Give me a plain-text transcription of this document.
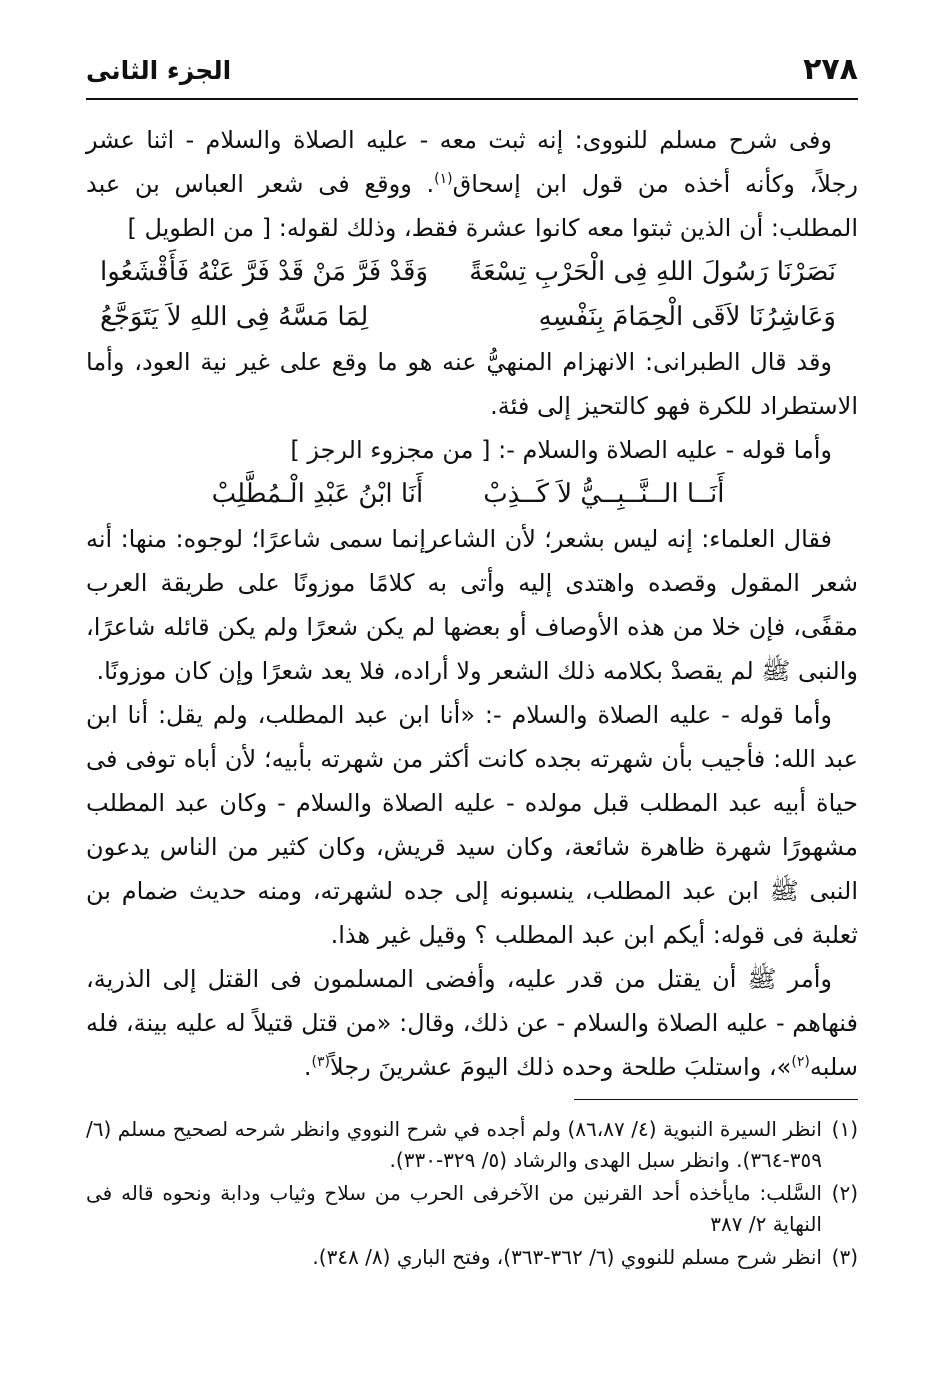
٢٧٨
الجزء الثانى

وفى شرح مسلم للنووى: إنه ثبت معه - عليه الصلاة والسلام - اثنا عشر رجلاً، وكأنه أخذه من قول ابن إسحاق$^{(١)}$. ووقع فى شعر العباس بن عبد المطلب: أن الذين ثبتوا معه كانوا عشرة فقط، وذلك لقوله: [ من الطويل ]

نَصَرْنَا رَسُولَ اللهِ فِى الْحَرْبِ تِسْعَةً
وَقَدْ فَرَّ مَنْ قَدْ فَرَّ عَنْهُ فَأَقْشَعُوا
وَعَاشِرُنَا لاَقَى الْحِمَامَ بِنَفْسِهِ
لِمَا مَسَّهُ فِى اللهِ لاَ يَتَوَجَّعُ

وقد قال الطبرانى: الانهزام المنهيُّ عنه هو ما وقع على غير نية العود، وأما الاستطراد للكرة فهو كالتحيز إلى فئة.

وأما قوله - عليه الصلاة والسلام -: [ من مجزوء الرجز ]

أَنَــا الــنَّــبِــيُّ لاَ كَــذِبْ
أَنَا ابْنُ عَبْدِ الْـمُطَّلِبْ

فقال العلماء: إنه ليس بشعر؛ لأن الشاعرإنما سمى شاعرًا؛ لوجوه: منها: أنه شعر المقول وقصده واهتدى إليه وأتى به كلامًا موزونًا على طريقة العرب مقفًى، فإن خلا من هذه الأوصاف أو بعضها لم يكن شعرًا ولم يكن قائله شاعرًا، والنبى ﷺ لم يقصدْ بكلامه ذلك الشعر ولا أراده، فلا يعد شعرًا وإن كان موزونًا.

وأما قوله - عليه الصلاة والسلام -: «أنا ابن عبد المطلب، ولم يقل: أنا ابن عبد الله: فأجيب بأن شهرته بجده كانت أكثر من شهرته بأبيه؛ لأن أباه توفى فى حياة أبيه عبد المطلب قبل مولده - عليه الصلاة والسلام - وكان عبد المطلب مشهورًا شهرة ظاهرة شائعة، وكان سيد قريش، وكان كثير من الناس يدعون النبى ﷺ ابن عبد المطلب، ينسبونه إلى جده لشهرته، ومنه حديث ضمام بن ثعلبة فى قوله: أيكم ابن عبد المطلب ؟ وقيل غير هذا.

وأمر ﷺ أن يقتل من قدر عليه، وأفضى المسلمون فى القتل إلى الذرية، فنهاهم - عليه الصلاة والسلام - عن ذلك، وقال: «من قتل قتيلاً له عليه بينة، فله سلبه$^{(٢)}$»، واستلبَ طلحة وحده ذلك اليومَ عشرينَ رجلاً$^{(٣)}$.

(١)
انظر السيرة النبوية (٤/ ٨٦،٨٧) ولم أجده في شرح النووي وانظر شرحه لصحيح مسلم (٦/ ٣٥٩-٣٦٤). وانظر سبل الهدى والرشاد (٥/ ٣٢٩-٣٣٠).
(٢)
السَّلب: مايأخذه أحد القرنين من الآخرفى الحرب من سلاح وثياب ودابة ونحوه قاله فى النهاية ٢/ ٣٨٧
(٣)
انظر شرح مسلم للنووي (٦/ ٣٦٢-٣٦٣)، وفتح الباري (٨/ ٣٤٨).
